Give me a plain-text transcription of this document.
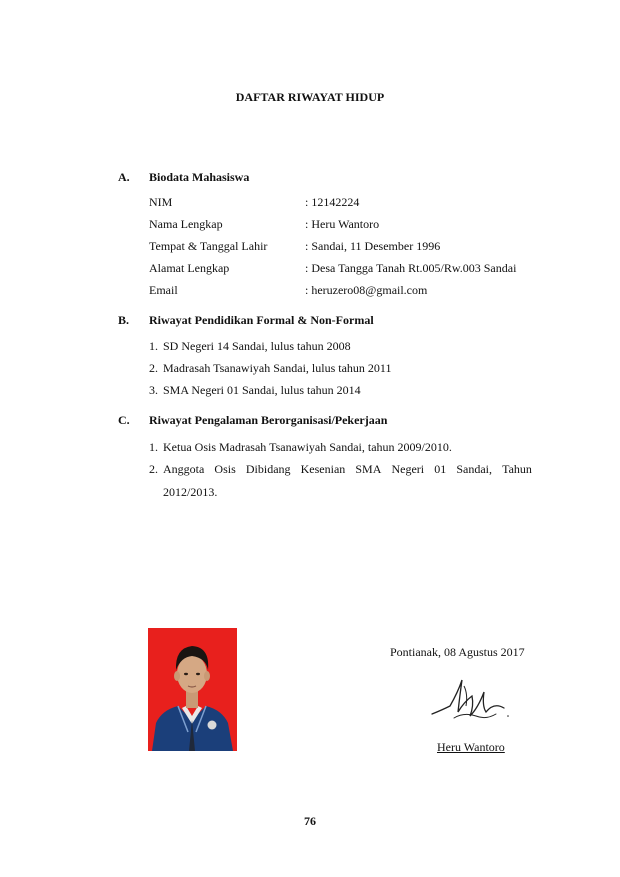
DAFTAR RIWAYAT HIDUP
A. Biodata Mahasiswa
NIM	: 12142224
Nama Lengkap	: Heru Wantoro
Tempat & Tanggal Lahir	: Sandai, 11 Desember 1996
Alamat Lengkap	: Desa Tangga Tanah Rt.005/Rw.003 Sandai
Email	: heruzero08@gmail.com
B. Riwayat Pendidikan Formal & Non-Formal
1. SD Negeri 14 Sandai, lulus tahun 2008
2. Madrasah Tsanawiyah Sandai, lulus tahun 2011
3. SMA Negeri 01 Sandai, lulus tahun 2014
C. Riwayat Pengalaman Berorganisasi/Pekerjaan
1. Ketua Osis Madrasah Tsanawiyah Sandai, tahun 2009/2010.
2. Anggota Osis Dibidang Kesenian SMA Negeri 01 Sandai, Tahun
2012/2013.
Pontianak, 08 Agustus 2017
Heru Wantoro
76
